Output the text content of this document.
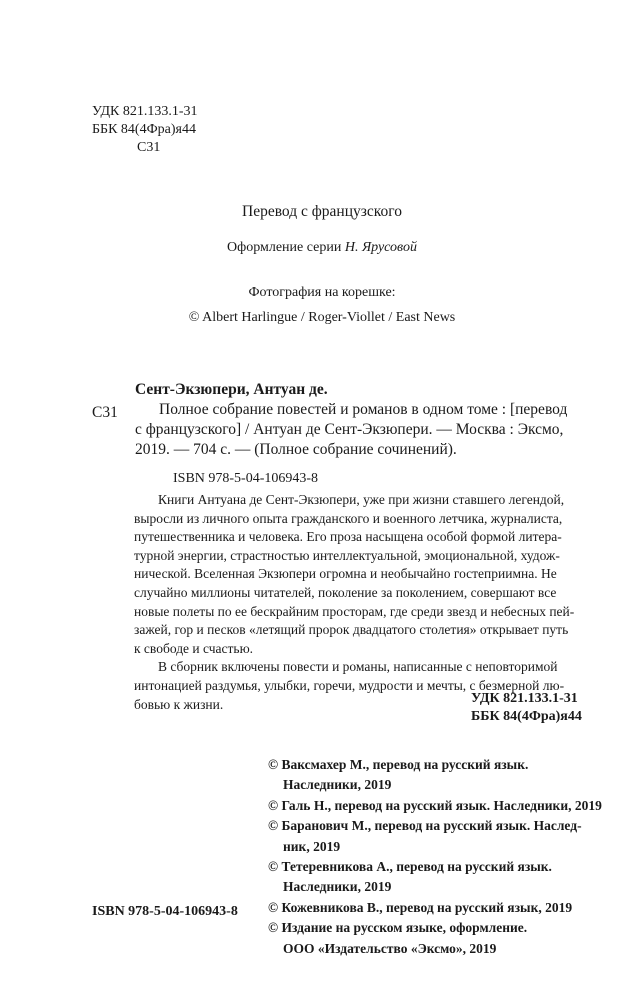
УДК 821.133.1-31
ББК 84(4Фра)я44
С31
Перевод с французского
Оформление серии Н. Ярусовой
Фотография на корешке:
© Albert Harlingue / Roger-Viollet / East News
Сент-Экзюпери, Антуан де.
Полное собрание повестей и романов в одном томе : [перевод
с французского] / Антуан де Сент-Экзюпери. — Москва : Эксмо,
2019. — 704 с. — (Полное собрание сочинений).
С31
ISBN 978-5-04-106943-8

Книги Антуана де Сент-Экзюпери, уже при жизни ставшего легендой,
выросли из личного опыта гражданского и военного летчика, журналиста,
путешественника и человека. Его проза насыщена особой формой литера-
турной энергии, страстностью интеллектуальной, эмоциональной, худож-
нической. Вселенная Экзюпери огромна и необычайно гостеприимна. Не
случайно миллионы читателей, поколение за поколением, совершают все
новые полеты по ее бескрайним просторам, где среди звезд и небесных пей-
зажей, гор и песков «летящий пророк двадцатого столетия» открывает путь
к свободе и счастью.

В сборник включены повести и романы, написанные с неповторимой
интонацией раздумья, улыбки, горечи, мудрости и мечты, с безмерной лю-
бовью к жизни.	УДК 821.133.1-31
ББК 84(4Фра)я44
© Ваксмахер М., перевод на русский язык.
Наследники, 2019
© Галь Н., перевод на русский язык. Наследники, 2019
© Баранович М., перевод на русский язык. Наслед-
ник, 2019
© Тетеревникова А., перевод на русский язык.
Наследники, 2019
© Кожевникова В., перевод на русский язык, 2019
© Издание на русском языке, оформление.
ООО «Издательство «Эксмо», 2019
ISBN 978-5-04-106943-8
